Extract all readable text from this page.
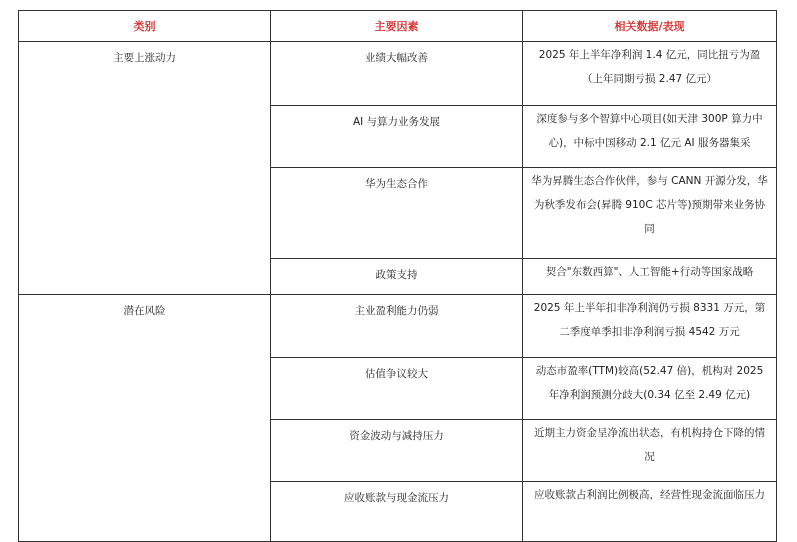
类别	主要因素	相关数据/表现
主要上涨动力	业绩大幅改善	2025 年上半年净利润 1.4 亿元，同比扭亏为盈（上年同期亏损 2.47 亿元）
	AI 与算力业务发展	深度参与多个智算中心项目(如天津 300P 算力中心)，中标中国移动 2.1 亿元 AI 服务器集采
	华为生态合作	华为昇腾生态合作伙伴，参与 CANN 开源分发，华为秋季发布会(昇腾 910C 芯片等)预期带来业务协同
	政策支持	契合"东数西算"、人工智能+行动等国家战略
潜在风险	主业盈利能力仍弱	2025 年上半年扣非净利润仍亏损 8331 万元，第二季度单季扣非净利润亏损 4542 万元
	估值争议较大	动态市盈率(TTM)较高(52.47 倍)，机构对 2025 年净利润预测分歧大(0.34 亿至 2.49 亿元)
	资金波动与减持压力	近期主力资金呈净流出状态，有机构持仓下降的情况
	应收账款与现金流压力	应收账款占利润比例极高，经营性现金流面临压力
